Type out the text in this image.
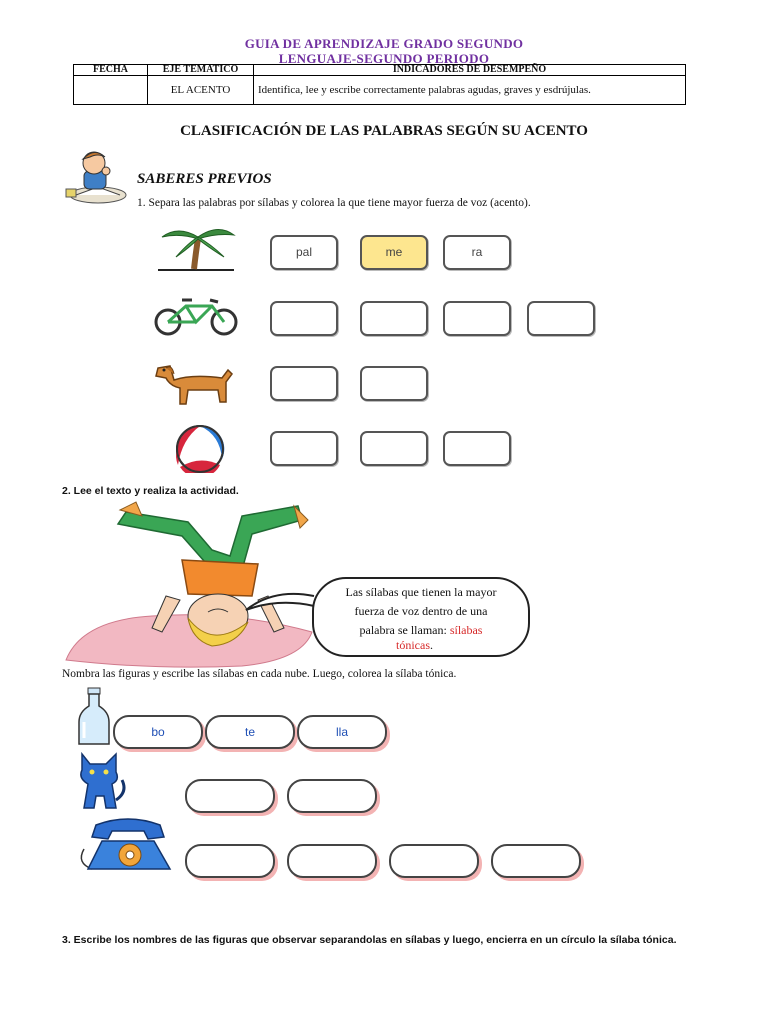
GUIA DE APRENDIZAJE GRADO SEGUNDO
LENGUAJE-SEGUNDO PERIODO
FECHA	EJE TEMATICO	INDICADORES DE DESEMPEÑO
	EL ACENTO	Identifica, lee y escribe correctamente palabras agudas, graves y esdrújulas.
CLASIFICACIÓN DE LAS PALABRAS SEGÚN SU ACENTO
SABERES PREVIOS
1. Separa las palabras por sílabas y colorea la que tiene mayor fuerza de voz (acento).
pal	me	ra
2. Lee el texto y realiza la actividad.
Las sílabas que tienen la mayor
fuerza de voz dentro de una
palabra se llaman: sílabas
tónicas.
Nombra las figuras y escribe las sílabas en cada nube. Luego, colorea la sílaba tónica.
bo	te	lla
3. Escribe los nombres de las figuras que observar separandolas en sílabas y luego, encierra en un círculo la sílaba tónica.
